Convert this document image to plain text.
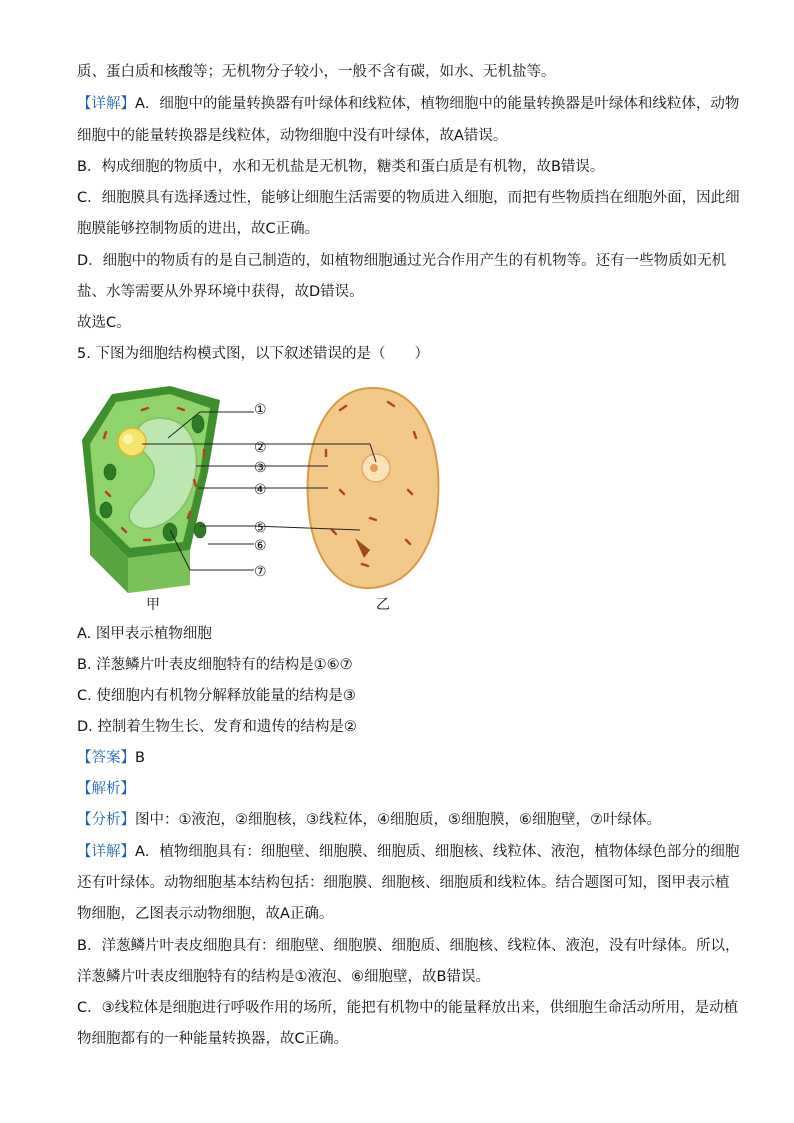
质、蛋白质和核酸等；无机物分子较小，一般不含有碳，如水、无机盐等。
【详解】A．细胞中的能量转换器有叶绿体和线粒体，植物细胞中的能量转换器是叶绿体和线粒体，动物
细胞中的能量转换器是线粒体，动物细胞中没有叶绿体，故A错误。
B．构成细胞的物质中，水和无机盐是无机物，糖类和蛋白质是有机物，故B错误。
C．细胞膜具有选择透过性，能够让细胞生活需要的物质进入细胞，而把有些物质挡在细胞外面，因此细
胞膜能够控制物质的进出，故C正确。
D．细胞中的物质有的是自己制造的，如植物细胞通过光合作用产生的有机物等。还有一些物质如无机
盐、水等需要从外界环境中获得，故D错误。
故选C。
5. 下图为细胞结构模式图，以下叙述错误的是（　　）
①
②
③
④
⑤
⑥
⑦
甲	乙
A. 图甲表示植物细胞
B. 洋葱鳞片叶表皮细胞特有的结构是①⑥⑦
C. 使细胞内有机物分解释放能量的结构是③
D. 控制着生物生长、发育和遗传的结构是②
【答案】B
【解析】
【分析】图中：①液泡，②细胞核，③线粒体，④细胞质，⑤细胞膜，⑥细胞壁，⑦叶绿体。
【详解】A．植物细胞具有：细胞壁、细胞膜、细胞质、细胞核、线粒体、液泡，植物体绿色部分的细胞
还有叶绿体。动物细胞基本结构包括：细胞膜、细胞核、细胞质和线粒体。结合题图可知，图甲表示植
物细胞，乙图表示动物细胞，故A正确。
B．洋葱鳞片叶表皮细胞具有：细胞壁、细胞膜、细胞质、细胞核、线粒体、液泡，没有叶绿体。所以，
洋葱鳞片叶表皮细胞特有的结构是①液泡、⑥细胞壁，故B错误。
C．③线粒体是细胞进行呼吸作用的场所，能把有机物中的能量释放出来，供细胞生命活动所用，是动植
物细胞都有的一种能量转换器，故C正确。
